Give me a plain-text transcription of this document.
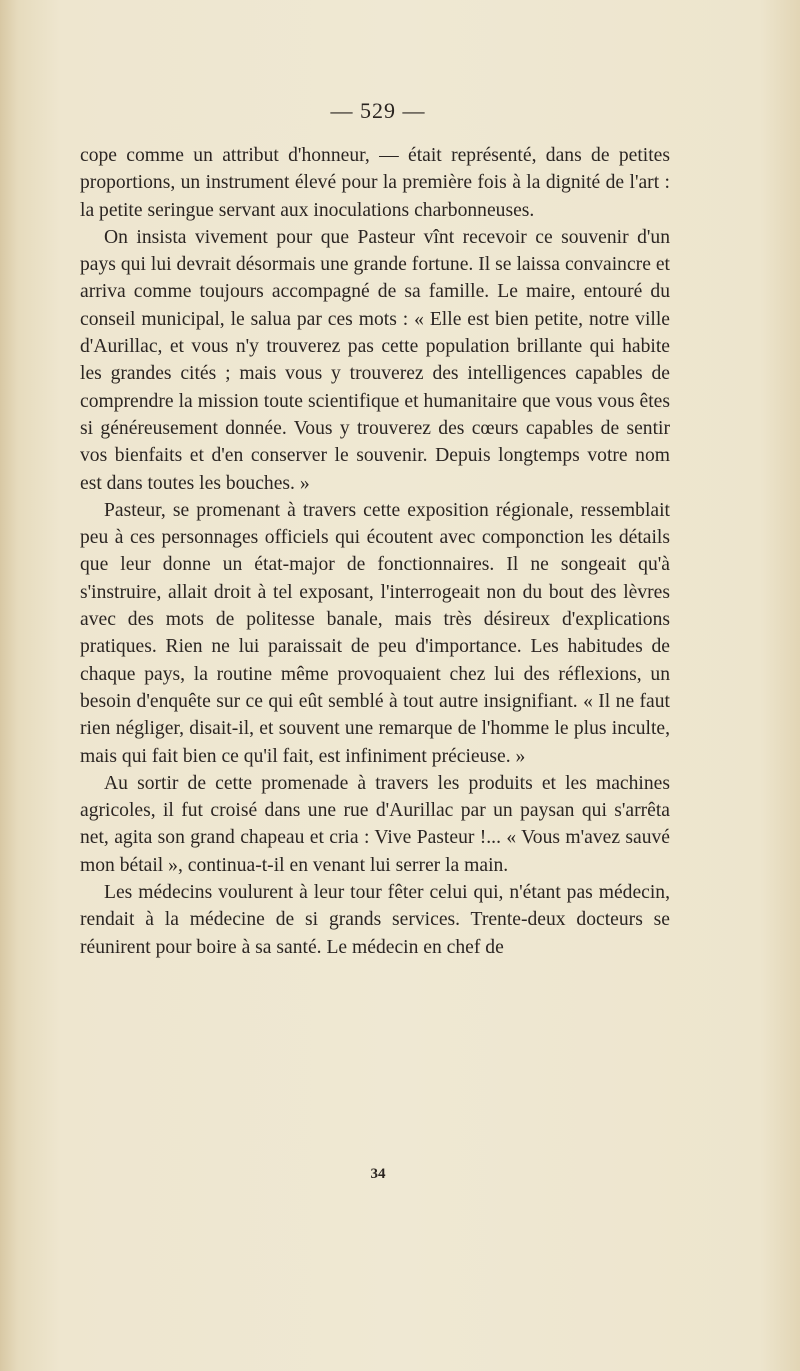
— 529 —

cope comme un attribut d'honneur, — était représenté, dans de petites proportions, un instrument élevé pour la première fois à la dignité de l'art : la petite seringue servant aux inoculations charbonneuses.

On insista vivement pour que Pasteur vînt recevoir ce souvenir d'un pays qui lui devrait désormais une grande fortune. Il se laissa convaincre et arriva comme toujours accompagné de sa famille. Le maire, entouré du conseil municipal, le salua par ces mots : « Elle est bien petite, notre ville d'Aurillac, et vous n'y trouverez pas cette population brillante qui habite les grandes cités ; mais vous y trouverez des intelligences capables de comprendre la mission toute scientifique et humanitaire que vous vous êtes si généreusement donnée. Vous y trouverez des cœurs capables de sentir vos bienfaits et d'en conserver le souvenir. Depuis longtemps votre nom est dans toutes les bouches. »

Pasteur, se promenant à travers cette exposition régionale, ressemblait peu à ces personnages officiels qui écoutent avec componction les détails que leur donne un état-major de fonctionnaires. Il ne songeait qu'à s'instruire, allait droit à tel exposant, l'interrogeait non du bout des lèvres avec des mots de politesse banale, mais très désireux d'explications pratiques. Rien ne lui paraissait de peu d'importance. Les habitudes de chaque pays, la routine même provoquaient chez lui des réflexions, un besoin d'enquête sur ce qui eût semblé à tout autre insignifiant. « Il ne faut rien négliger, disait-il, et souvent une remarque de l'homme le plus inculte, mais qui fait bien ce qu'il fait, est infiniment précieuse. »

Au sortir de cette promenade à travers les produits et les machines agricoles, il fut croisé dans une rue d'Aurillac par un paysan qui s'arrêta net, agita son grand chapeau et cria : Vive Pasteur !... « Vous m'avez sauvé mon bétail », continua-t-il en venant lui serrer la main.

Les médecins voulurent à leur tour fêter celui qui, n'étant pas médecin, rendait à la médecine de si grands services. Trente-deux docteurs se réunirent pour boire à sa santé. Le médecin en chef de

34
